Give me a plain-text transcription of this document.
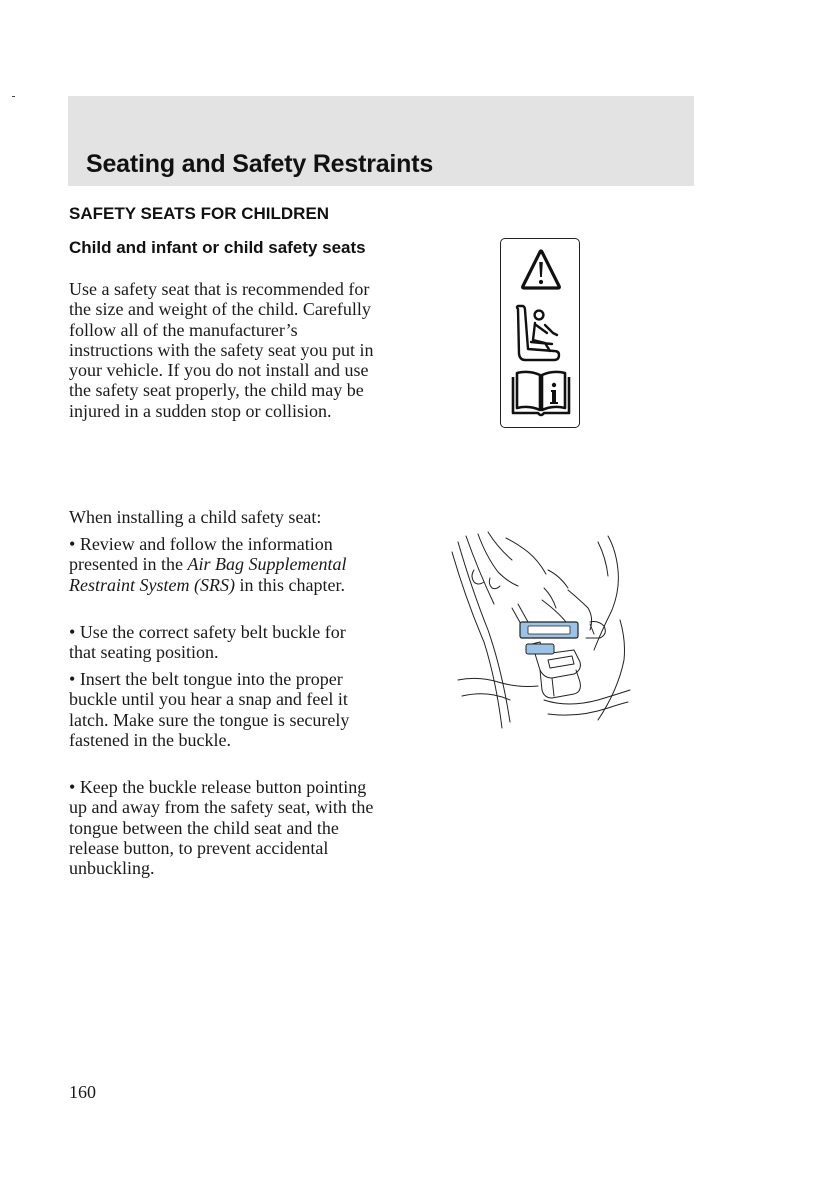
Seating and Safety Restraints
SAFETY SEATS FOR CHILDREN
Child and infant or child safety seats

Use a safety seat that is recommended for the size and weight of the child. Carefully follow all of the manufacturer’s instructions with the safety seat you put in your vehicle. If you do not install and use the safety seat properly, the child may be injured in a sudden stop or collision.

When installing a child safety seat:

• Review and follow the information presented in the Air Bag Supplemental Restraint System (SRS) in this chapter.

• Use the correct safety belt buckle for that seating position.

• Insert the belt tongue into the proper buckle until you hear a snap and feel it latch. Make sure the tongue is securely fastened in the buckle.

• Keep the buckle release button pointing up and away from the safety seat, with the tongue between the child seat and the release button, to prevent accidental unbuckling.

160
